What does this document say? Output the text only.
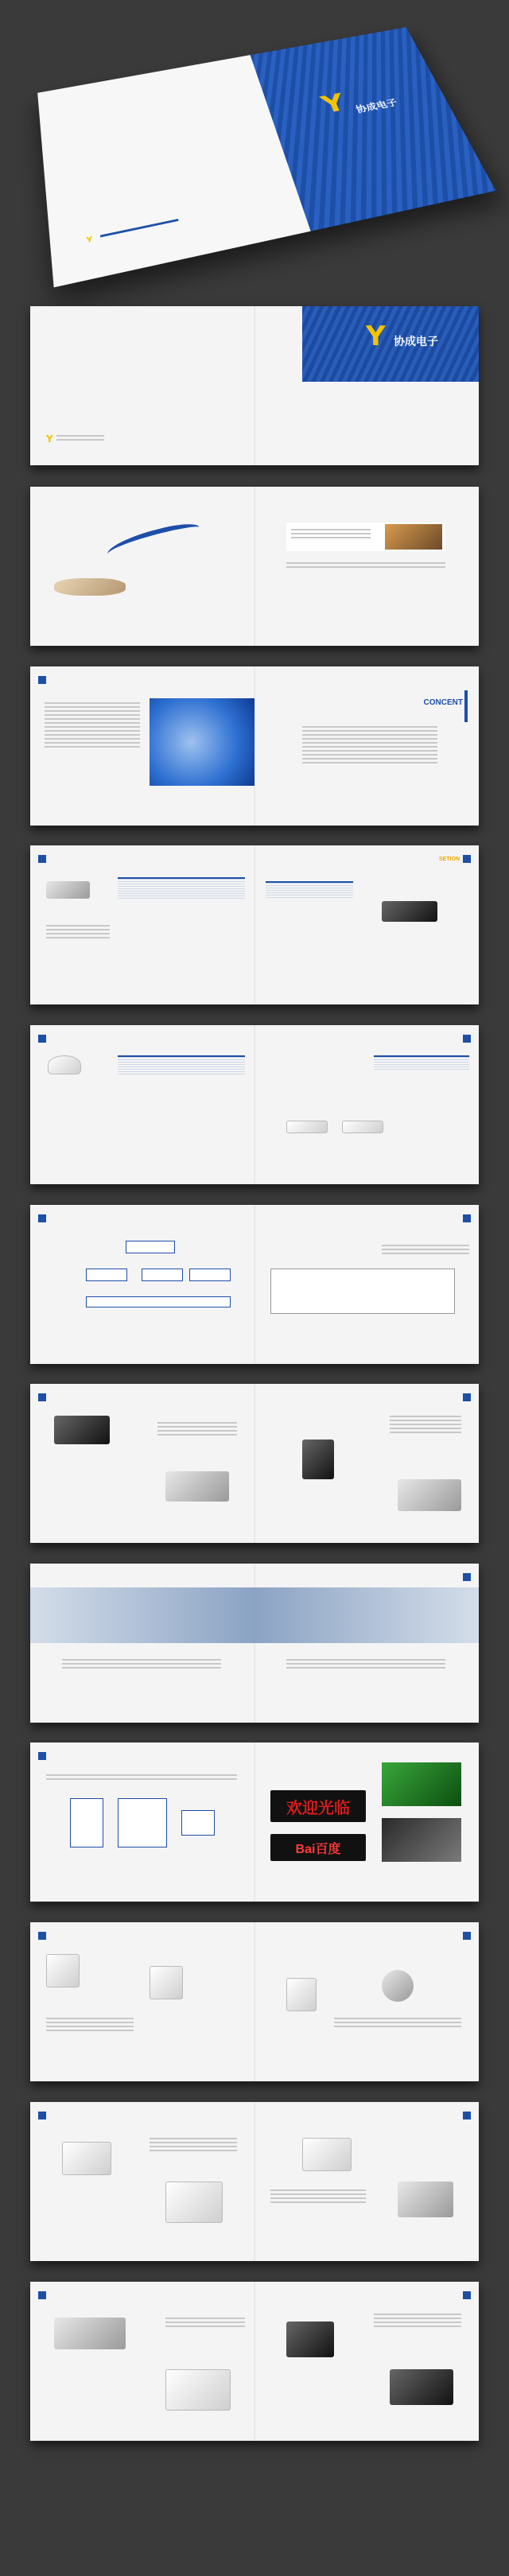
Y 协成电子
Y
Y
Y 协成电子
CONCENT

SETION

欢迎光临
Bai百度
